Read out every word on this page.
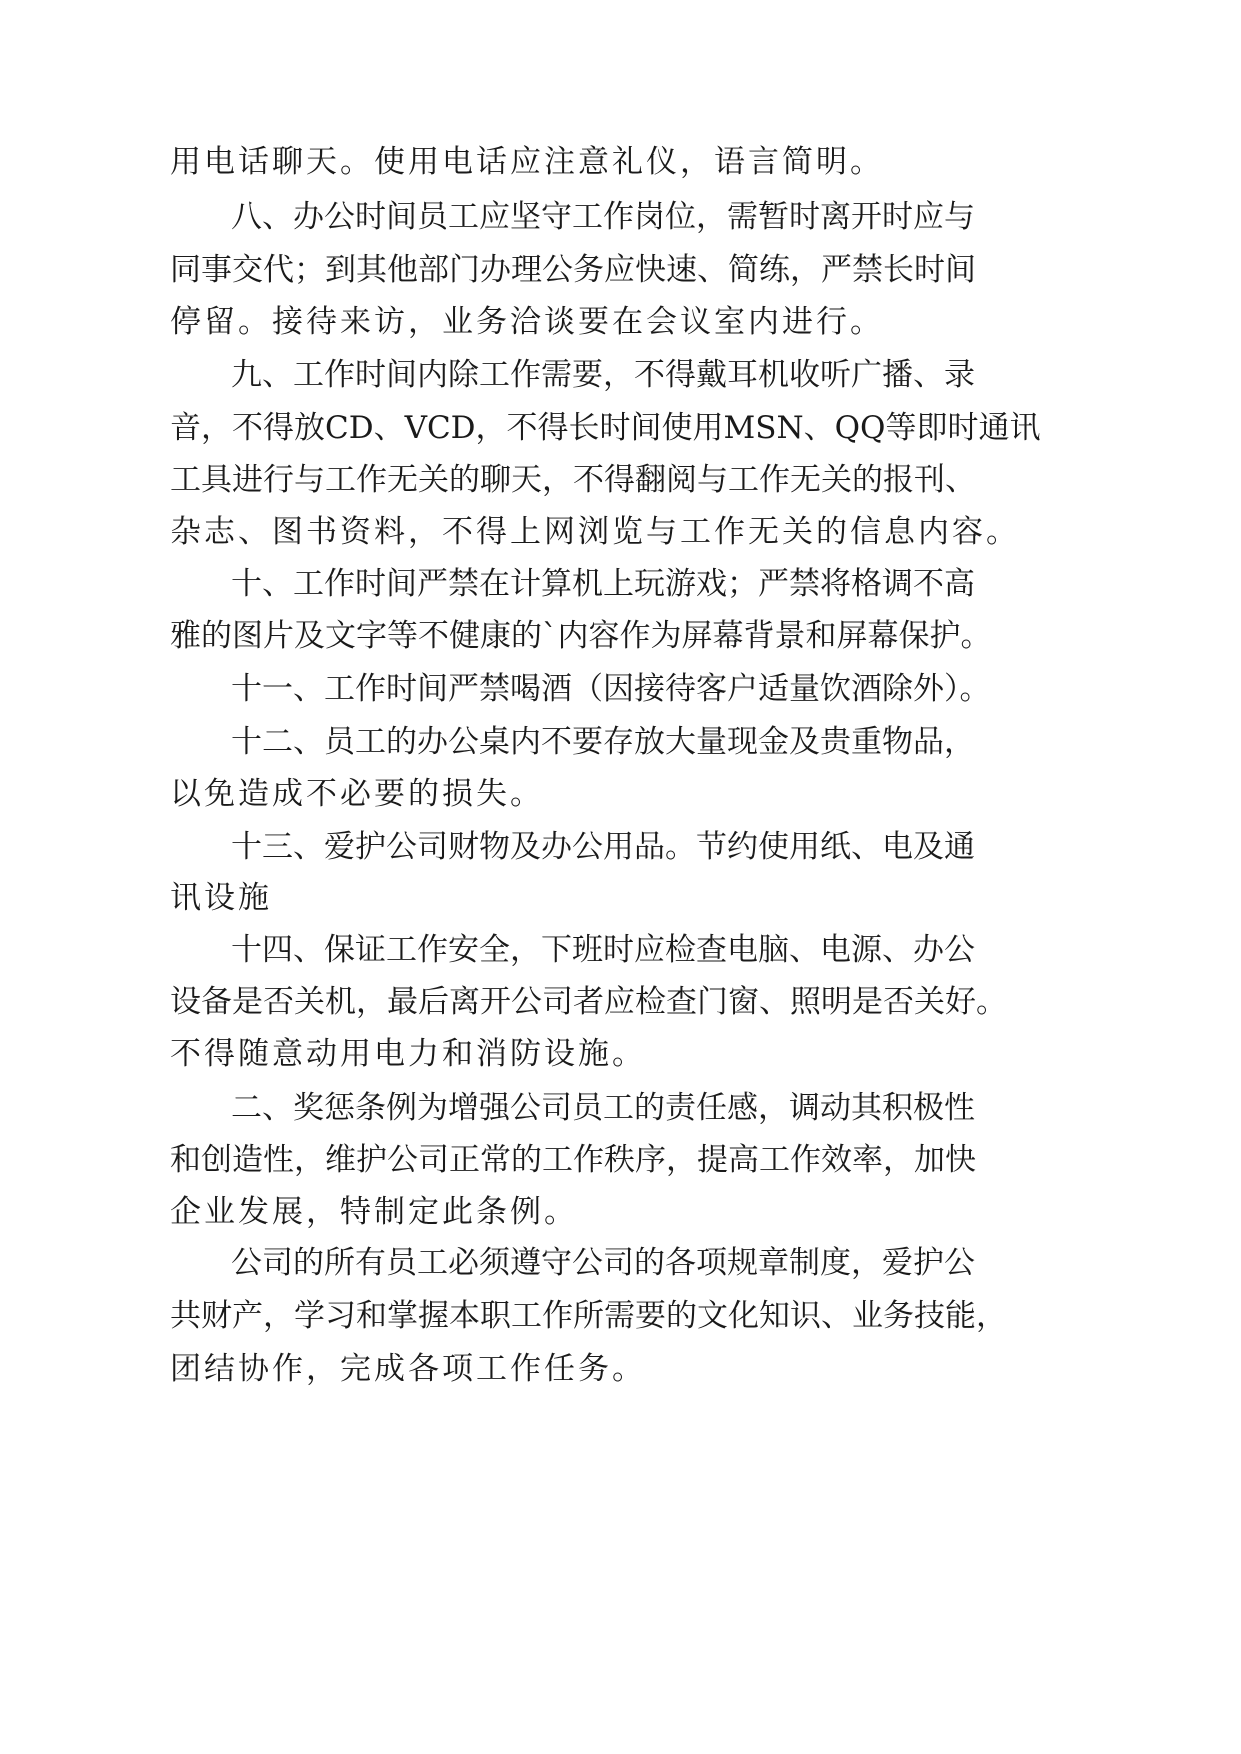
用电话聊天。使用电话应注意礼仪，语言简明。
八、办公时间员工应坚守工作岗位，需暂时离开时应与
同事交代；到其他部门办理公务应快速、简练，严禁长时间
停留。接待来访，业务洽谈要在会议室内进行。
九、工作时间内除工作需要，不得戴耳机收听广播、录
音，不得放CD、VCD，不得长时间使用MSN、QQ等即时通讯
工具进行与工作无关的聊天，不得翻阅与工作无关的报刊、
杂志、图书资料，不得上网浏览与工作无关的信息内容。
十、工作时间严禁在计算机上玩游戏；严禁将格调不高
雅的图片及文字等不健康的`内容作为屏幕背景和屏幕保护。
十一、工作时间严禁喝酒（因接待客户适量饮酒除外）。
十二、员工的办公桌内不要存放大量现金及贵重物品，
以免造成不必要的损失。
十三、爱护公司财物及办公用品。节约使用纸、电及通
讯设施
十四、保证工作安全，下班时应检查电脑、电源、办公
设备是否关机，最后离开公司者应检查门窗、照明是否关好。
不得随意动用电力和消防设施。
二、奖惩条例为增强公司员工的责任感，调动其积极性
和创造性，维护公司正常的工作秩序，提高工作效率，加快
企业发展，特制定此条例。
公司的所有员工必须遵守公司的各项规章制度，爱护公
共财产，学习和掌握本职工作所需要的文化知识、业务技能，
团结协作，完成各项工作任务。
